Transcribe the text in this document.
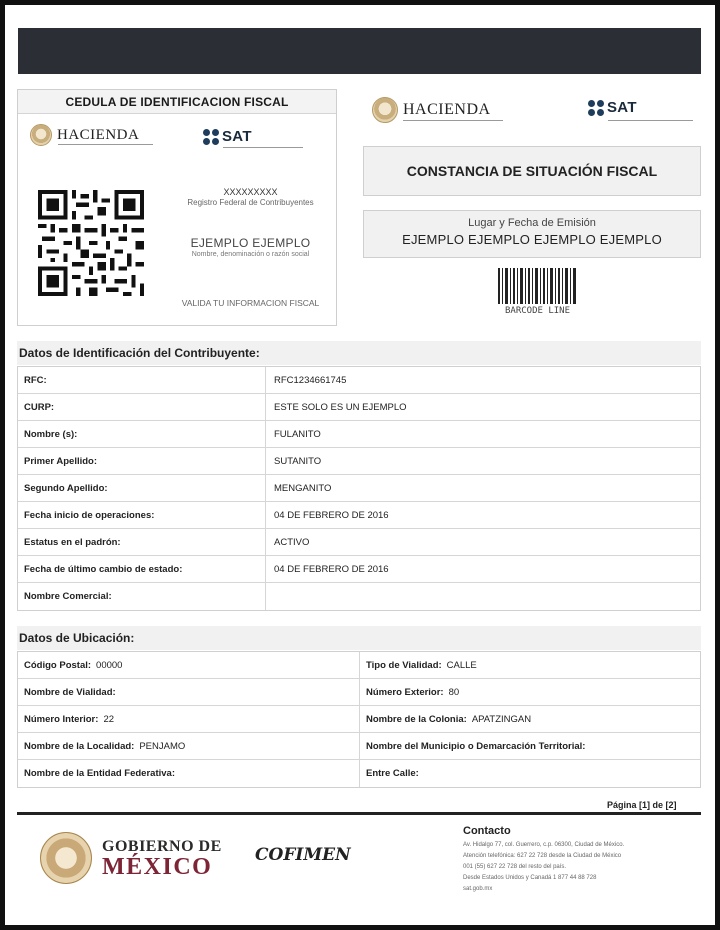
CEDULA DE IDENTIFICACION FISCAL
HACIENDA	SAT
XXXXXXXXX
Registro Federal de Contribuyentes
EJEMPLO EJEMPLO
Nombre, denominación o razón social
VALIDA TU INFORMACION FISCAL
HACIENDA	SAT
CONSTANCIA DE SITUACIÓN FISCAL
Lugar y Fecha de Emisión
EJEMPLO EJEMPLO EJEMPLO EJEMPLO
BARCODE LINE
Datos de Identificación del Contribuyente:
RFC:	RFC1234661745
CURP:	ESTE SOLO ES UN EJEMPLO
Nombre (s):	FULANITO
Primer Apellido:	SUTANITO
Segundo Apellido:	MENGANITO
Fecha inicio de operaciones:	04 DE FEBRERO DE 2016
Estatus en el padrón:	ACTIVO
Fecha de último cambio de estado:	04 DE FEBRERO DE 2016
Nombre Comercial:
Datos de Ubicación:
Código Postal: 00000	Tipo de Vialidad: CALLE
Nombre de Vialidad:	Número Exterior: 80
Número Interior: 22	Nombre de la Colonia: APATZINGAN
Nombre de la Localidad: PENJAMO	Nombre del Municipio o Demarcación Territorial:
Nombre de la Entidad Federativa:	Entre Calle:
Página [1] de [2]
GOBIERNO DE
MÉXICO	COFIMEN
Contacto
Av. Hidalgo 77, col. Guerrero, c.p. 06300, Ciudad de México.
Atención telefónica: 627 22 728 desde la Ciudad de México
001 (55) 627 22 728 del resto del país.
Desde Estados Unidos y Canadá 1 877 44 88 728
sat.gob.mx
